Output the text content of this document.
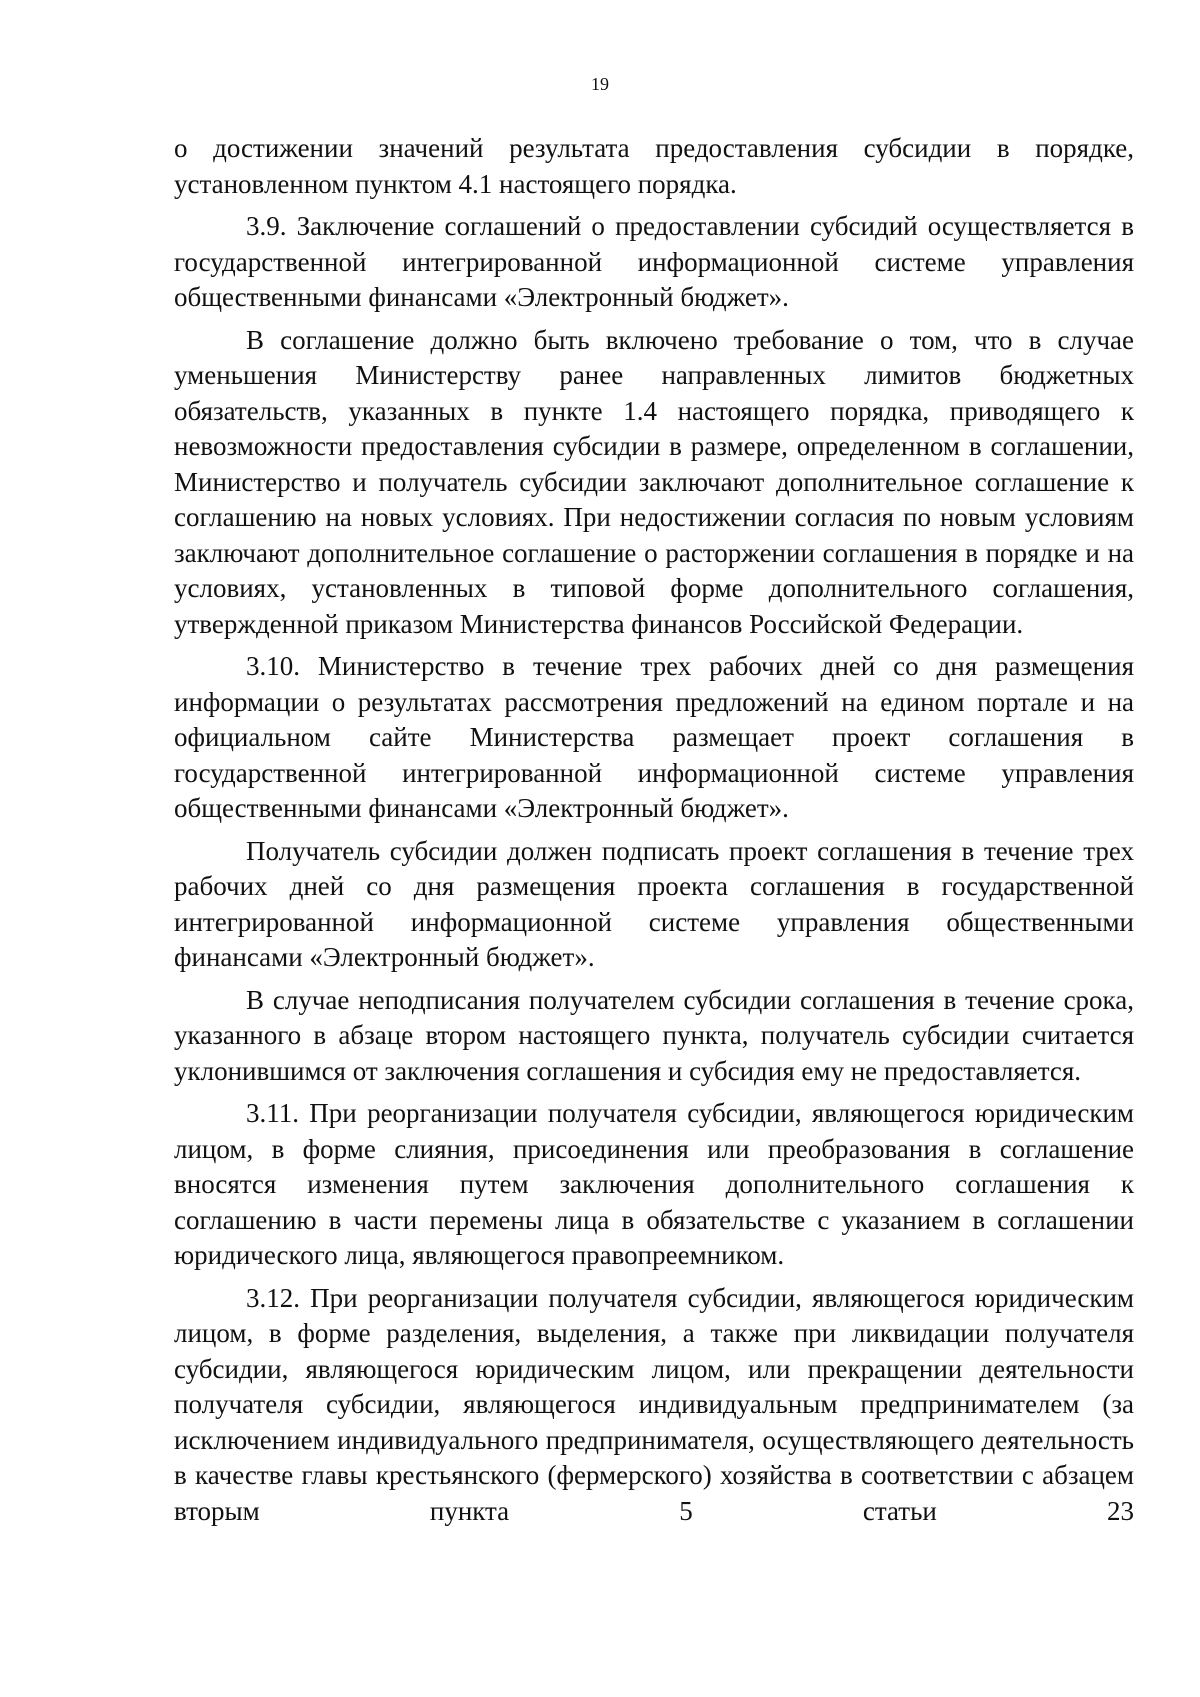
19

о достижении значений результата предоставления субсидии в порядке, установленном пунктом 4.1 настоящего порядка.

3.9. Заключение соглашений о предоставлении субсидий осуществляется в государственной интегрированной информационной системе управления общественными финансами «Электронный бюджет».

В соглашение должно быть включено требование о том, что в случае уменьшения Министерству ранее направленных лимитов бюджетных обязательств, указанных в пункте 1.4 настоящего порядка, приводящего к невозможности предоставления субсидии в размере, определенном в соглашении, Министерство и получатель субсидии заключают дополнительное соглашение к соглашению на новых условиях. При недостижении согласия по новым условиям заключают дополнительное соглашение о расторжении соглашения в порядке и на условиях, установленных в типовой форме дополнительного соглашения, утвержденной приказом Министерства финансов Российской Федерации.

3.10. Министерство в течение трех рабочих дней со дня размещения информации о результатах рассмотрения предложений на едином портале и на официальном сайте Министерства размещает проект соглашения в государственной интегрированной информационной системе управления общественными финансами «Электронный бюджет».

Получатель субсидии должен подписать проект соглашения в течение трех рабочих дней со дня размещения проекта соглашения в государственной интегрированной информационной системе управления общественными финансами «Электронный бюджет».

В случае неподписания получателем субсидии соглашения в течение срока, указанного в абзаце втором настоящего пункта, получатель субсидии считается уклонившимся от заключения соглашения и субсидия ему не предоставляется.

3.11. При реорганизации получателя субсидии, являющегося юридическим лицом, в форме слияния, присоединения или преобразования в соглашение вносятся изменения путем заключения дополнительного соглашения к соглашению в части перемены лица в обязательстве с указанием в соглашении юридического лица, являющегося правопреемником.

3.12. При реорганизации получателя субсидии, являющегося юридическим лицом, в форме разделения, выделения, а также при ликвидации получателя субсидии, являющегося юридическим лицом, или прекращении деятельности получателя субсидии, являющегося индивидуальным предпринимателем (за исключением индивидуального предпринимателя, осуществляющего деятельность в качестве главы крестьянского (фермерского) хозяйства в соответствии с абзацем вторым пункта 5 статьи 23
